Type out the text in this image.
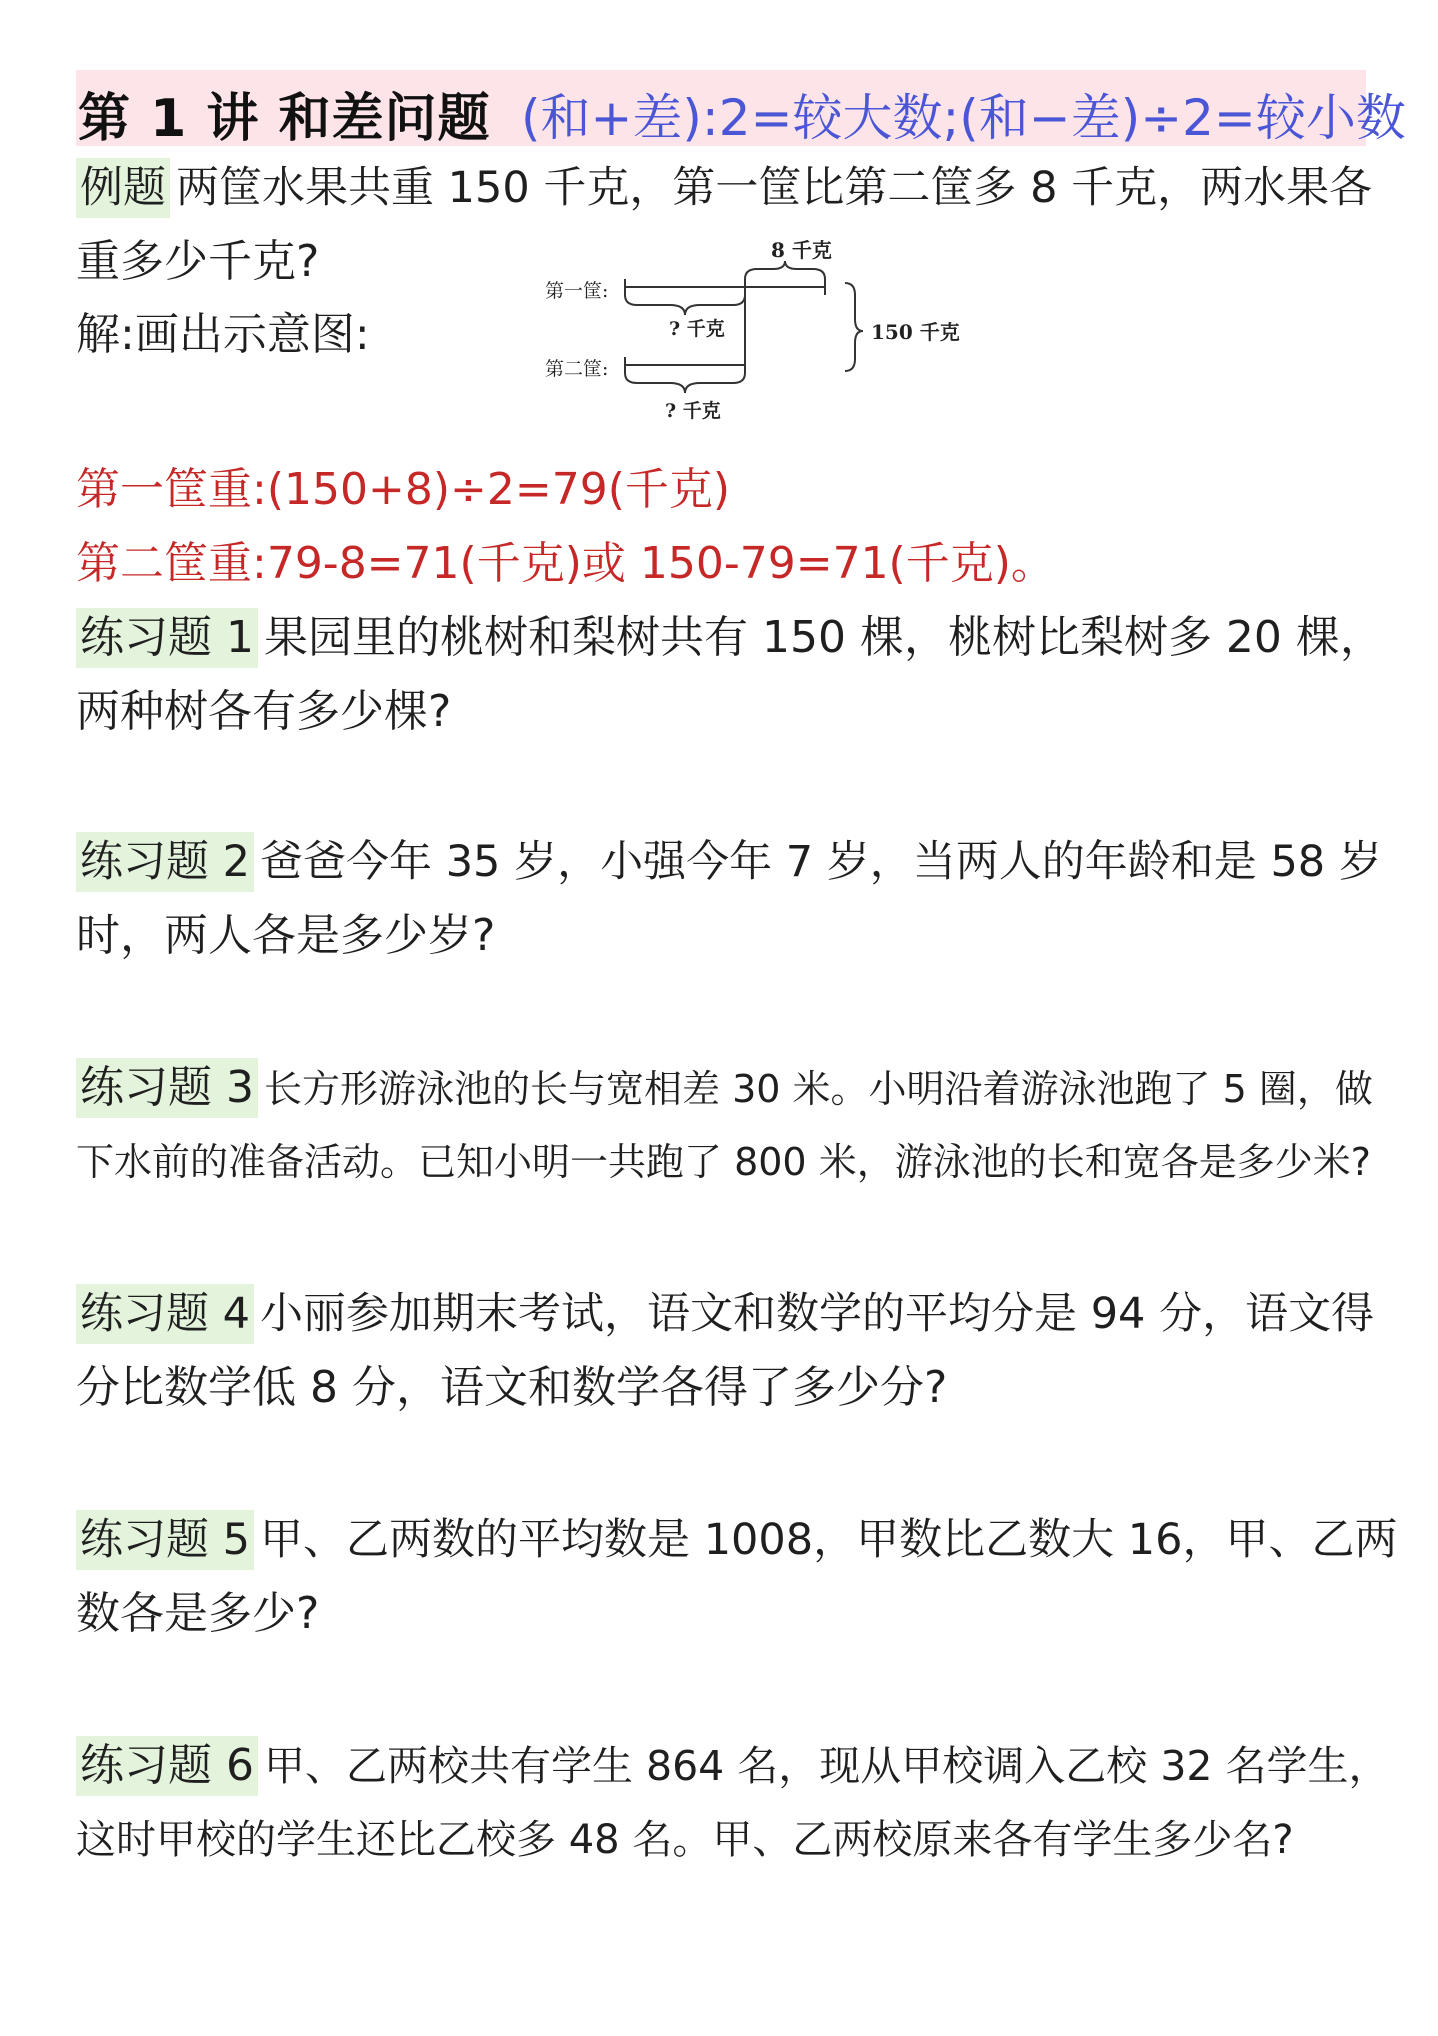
第 1 讲 和差问题 (和+差):2=较大数;(和−差)÷2=较小数
例题 两筐水果共重 150 千克，第一筐比第二筐多 8 千克，两水果各
重多少千克?
解:画出示意图:
8 千克
第一筐:
? 千克
第二筐:
? 千克
150 千克
第一筐重:(150+8)÷2=79(千克)
第二筐重:79-8=71(千克)或 150-79=71(千克)。
练习题 1 果园里的桃树和梨树共有 150 棵，桃树比梨树多 20 棵，
两种树各有多少棵?
练习题 2 爸爸今年 35 岁，小强今年 7 岁，当两人的年龄和是 58 岁
时，两人各是多少岁?
练习题 3 长方形游泳池的长与宽相差 30 米。小明沿着游泳池跑了 5 圈，做
下水前的准备活动。已知小明一共跑了 800 米，游泳池的长和宽各是多少米?
练习题 4 小丽参加期末考试，语文和数学的平均分是 94 分，语文得
分比数学低 8 分，语文和数学各得了多少分?
练习题 5 甲、乙两数的平均数是 1008，甲数比乙数大 16，甲、乙两
数各是多少?
练习题 6 甲、乙两校共有学生 864 名，现从甲校调入乙校 32 名学生，
这时甲校的学生还比乙校多 48 名。甲、乙两校原来各有学生多少名?
